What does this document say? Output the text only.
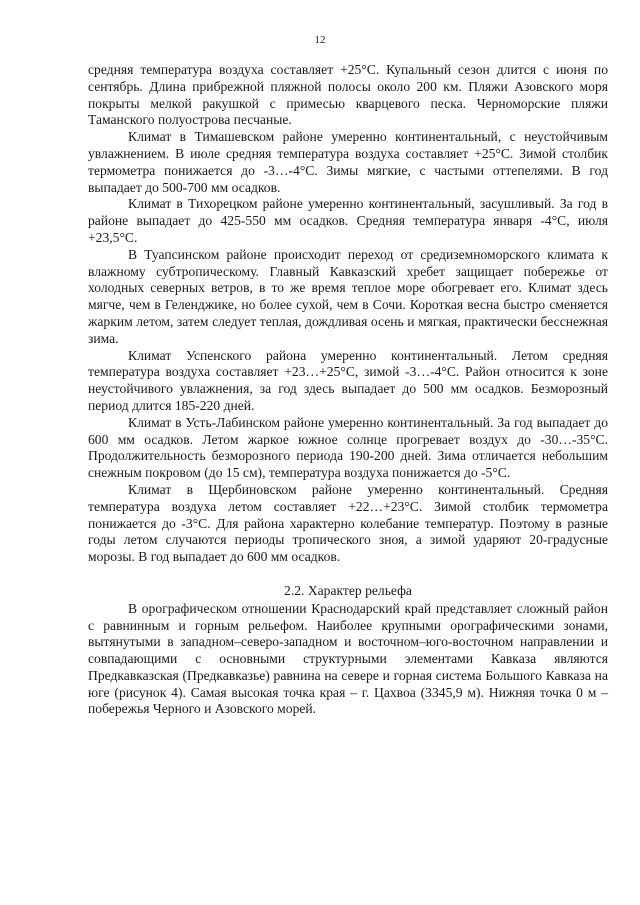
12

средняя температура воздуха составляет +25°С. Купальный сезон длится с июня по сентябрь. Длина прибрежной пляжной полосы около 200 км. Пляжи Азовского моря покрыты мелкой ракушкой с примесью кварцевого песка. Черноморские пляжи Таманского полуострова песчаные.

Климат в Тимашевском районе умеренно континентальный, с неустойчивым увлажнением. В июле средняя температура воздуха составляет +25°С. Зимой столбик термометра понижается до -3…-4°С. Зимы мягкие, с частыми оттепелями. В год выпадает до 500-700 мм осадков.

Климат в Тихорецком районе умеренно континентальный, засушливый. За год в районе выпадает до 425-550 мм осадков. Средняя температура января -4°С, июля +23,5°С.

В Туапсинском районе происходит переход от средиземноморского климата к влажному субтропическому. Главный Кавказский хребет защищает побережье от холодных северных ветров, в то же время теплое море обогревает его. Климат здесь мягче, чем в Геленджике, но более сухой, чем в Сочи. Короткая весна быстро сменяется жарким летом, затем следует теплая, дождливая осень и мягкая, практически бесснежная зима.

Климат Успенского района умеренно континентальный. Летом средняя температура воздуха составляет +23…+25°С, зимой -3…-4°С. Район относится к зоне неустойчивого увлажнения, за год здесь выпадает до 500 мм осадков. Безморозный период длится 185-220 дней.

Климат в Усть-Лабинском районе умеренно континентальный. За год выпадает до 600 мм осадков. Летом жаркое южное солнце прогревает воздух до -30…-35°С. Продолжительность безморозного периода 190-200 дней. Зима отличается небольшим снежным покровом (до 15 см), температура воздуха понижается до -5°С.

Климат в Щербиновском районе умеренно континентальный. Средняя температура воздуха летом составляет +22…+23°С. Зимой столбик термометра понижается до -3°С. Для района характерно колебание температур. Поэтому в разные годы летом случаются периоды тропического зноя, а зимой ударяют 20-градусные морозы. В год выпадает до 600 мм осадков.

2.2. Характер рельефа

В орографическом отношении Краснодарский край представляет сложный район с равнинным и горным рельефом. Наиболее крупными орографическими зонами, вытянутыми в западном–северо-западном и восточном–юго-восточном направлении и совпадающими с основными структурными элементами Кавказа являются Предкавказская (Предкавказье) равнина на севере и горная система Большого Кавказа на юге (рисунок 4). Самая высокая точка края – г. Цахвоа (3345,9 м). Нижняя точка 0 м – побережья Черного и Азовского морей.
